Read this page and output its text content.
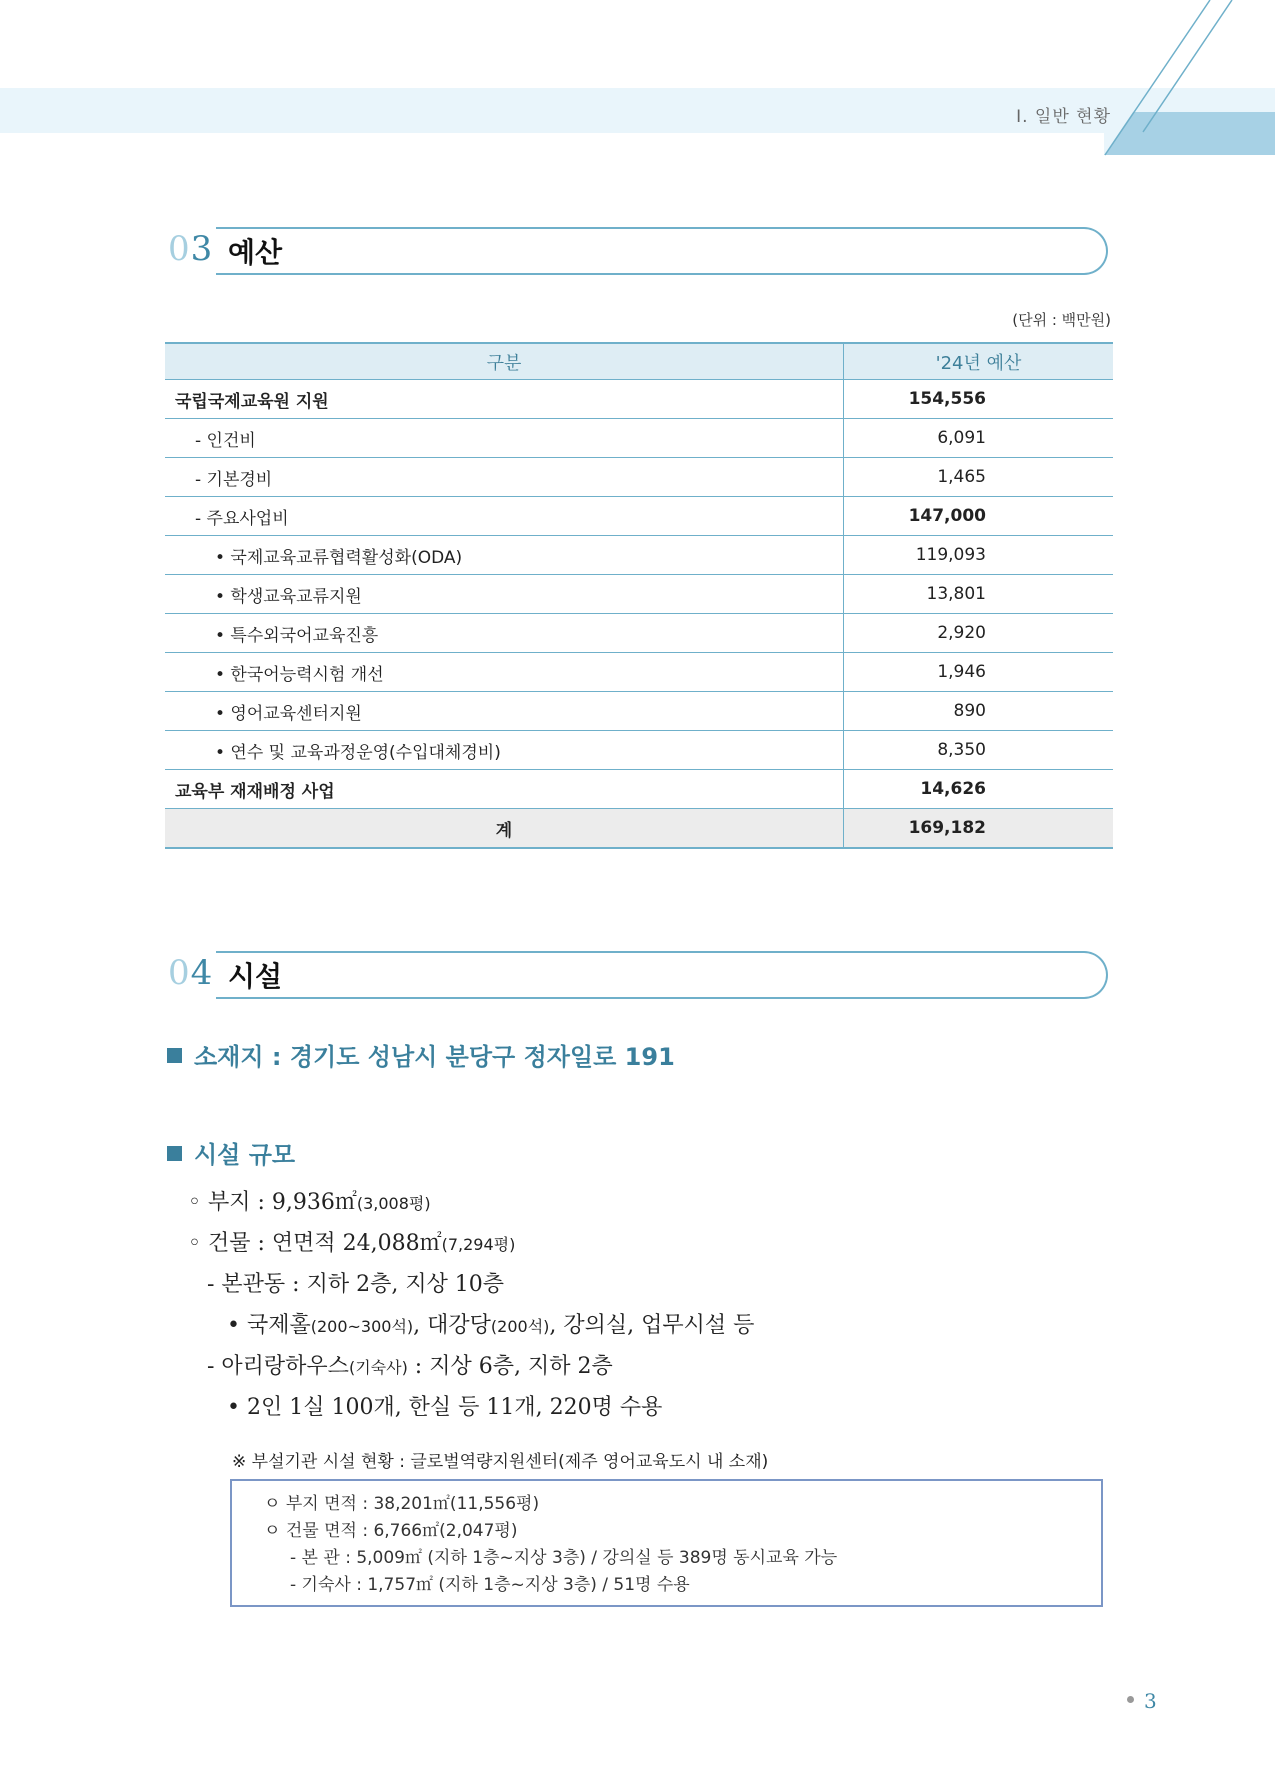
Ⅰ. 일반 현황
03 예산
(단위 : 백만원)
구분	'24년 예산
국립국제교육원 지원	154,556
- 인건비	6,091
- 기본경비	1,465
- 주요사업비	147,000
• 국제교육교류협력활성화(ODA)	119,093
• 학생교육교류지원	13,801
• 특수외국어교육진흥	2,920
• 한국어능력시험 개선	1,946
• 영어교육센터지원	890
• 연수 및 교육과정운영(수입대체경비)	8,350
교육부 재재배정 사업	14,626
계	169,182
04 시설
소재지 : 경기도 성남시 분당구 정자일로 191
시설 규모
◦ 부지 : 9,936㎡(3,008평)
◦ 건물 : 연면적 24,088㎡(7,294평)
- 본관동 : 지하 2층, 지상 10층
• 국제홀(200~300석), 대강당(200석), 강의실, 업무시설 등
- 아리랑하우스(기숙사) : 지상 6층, 지하 2층
• 2인 1실 100개, 한실 등 11개, 220명 수용
※ 부설기관 시설 현황 : 글로벌역량지원센터(제주 영어교육도시 내 소재)
ㅇ 부지 면적 : 38,201㎡(11,556평)
ㅇ 건물 면적 : 6,766㎡(2,047평)
- 본 관 : 5,009㎡ (지하 1층~지상 3층) / 강의실 등 389명 동시교육 가능
- 기숙사 : 1,757㎡ (지하 1층~지상 3층) / 51명 수용
3
